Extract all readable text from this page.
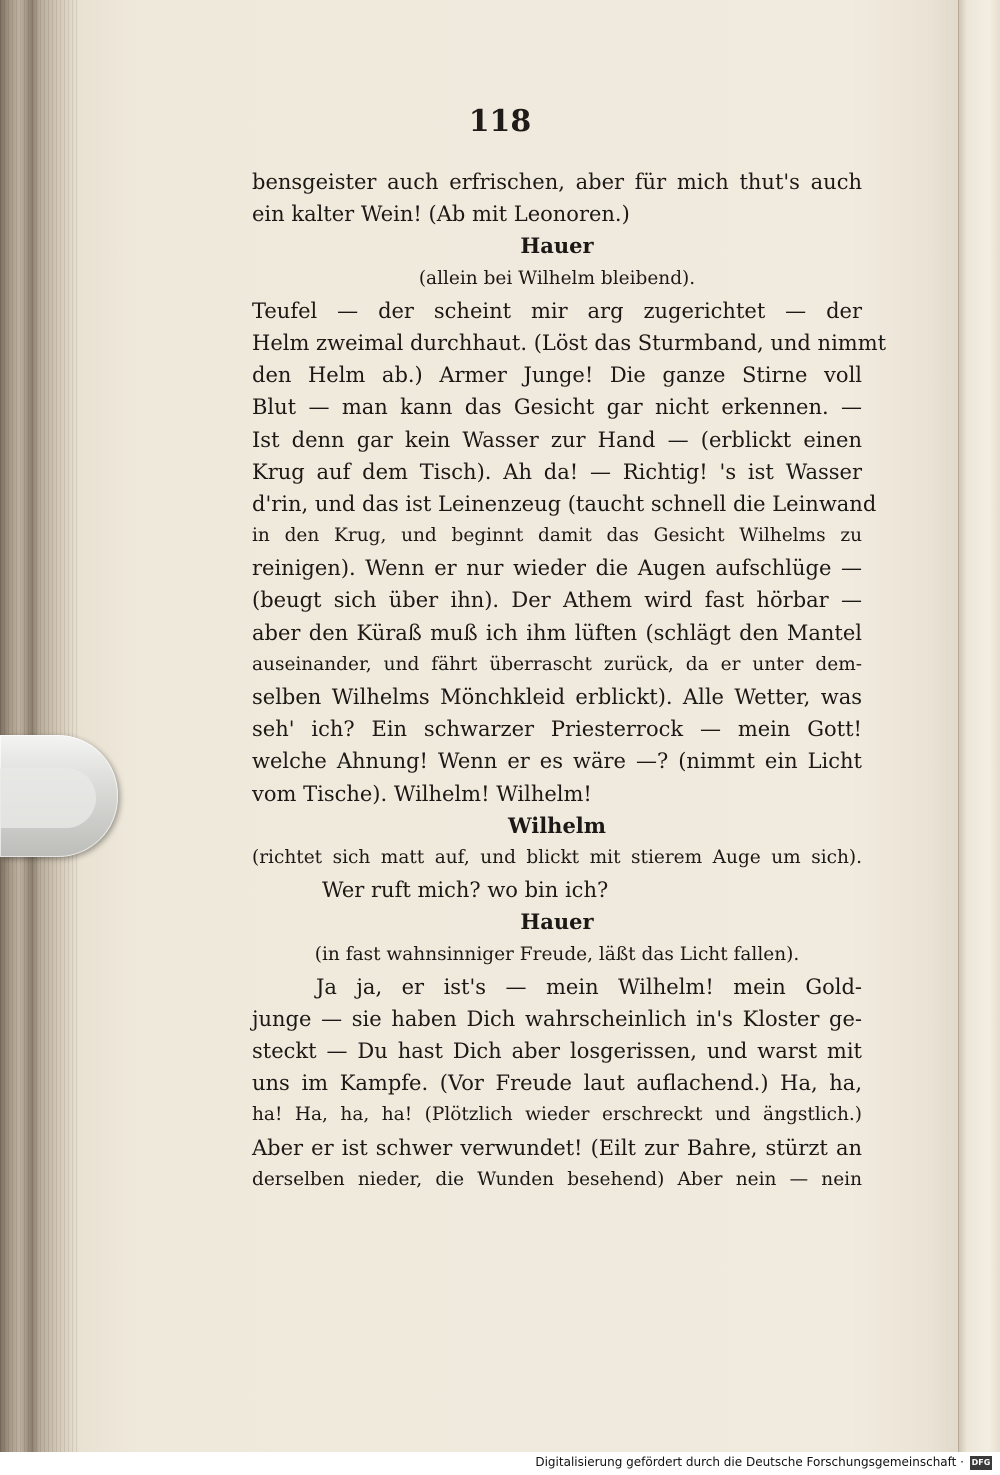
118
bensgeister auch erfrischen, aber für mich thut's auch
ein kalter Wein! (Ab mit Leonoren.)
Hauer
(allein bei Wilhelm bleibend).
Teufel — der scheint mir arg zugerichtet — der
Helm zweimal durchhaut. (Löst das Sturmband, und nimmt
den Helm ab.) Armer Junge! Die ganze Stirne voll
Blut — man kann das Gesicht gar nicht erkennen. —
Ist denn gar kein Wasser zur Hand — (erblickt einen
Krug auf dem Tisch). Ah da! — Richtig! 's ist Wasser
d'rin, und das ist Leinenzeug (taucht schnell die Leinwand
in den Krug, und beginnt damit das Gesicht Wilhelms zu
reinigen). Wenn er nur wieder die Augen aufschlüge —
(beugt sich über ihn). Der Athem wird fast hörbar —
aber den Küraß muß ich ihm lüften (schlägt den Mantel
auseinander, und fährt überrascht zurück, da er unter dem-
selben Wilhelms Mönchkleid erblickt). Alle Wetter, was
seh' ich? Ein schwarzer Priesterrock — mein Gott!
welche Ahnung! Wenn er es wäre —? (nimmt ein Licht
vom Tische). Wilhelm! Wilhelm!
Wilhelm
(richtet sich matt auf, und blickt mit stierem Auge um sich).
Wer ruft mich? wo bin ich?
Hauer
(in fast wahnsinniger Freude, läßt das Licht fallen).
Ja ja, er ist's — mein Wilhelm! mein Gold-
junge — sie haben Dich wahrscheinlich in's Kloster ge-
steckt — Du hast Dich aber losgerissen, und warst mit
uns im Kampfe. (Vor Freude laut auflachend.) Ha, ha,
ha! Ha, ha, ha! (Plötzlich wieder erschreckt und ängstlich.)
Aber er ist schwer verwundet! (Eilt zur Bahre, stürzt an
derselben nieder, die Wunden besehend) Aber nein — nein
Digitalisierung gefördert durch die Deutsche Forschungsgemeinschaft · DFG
